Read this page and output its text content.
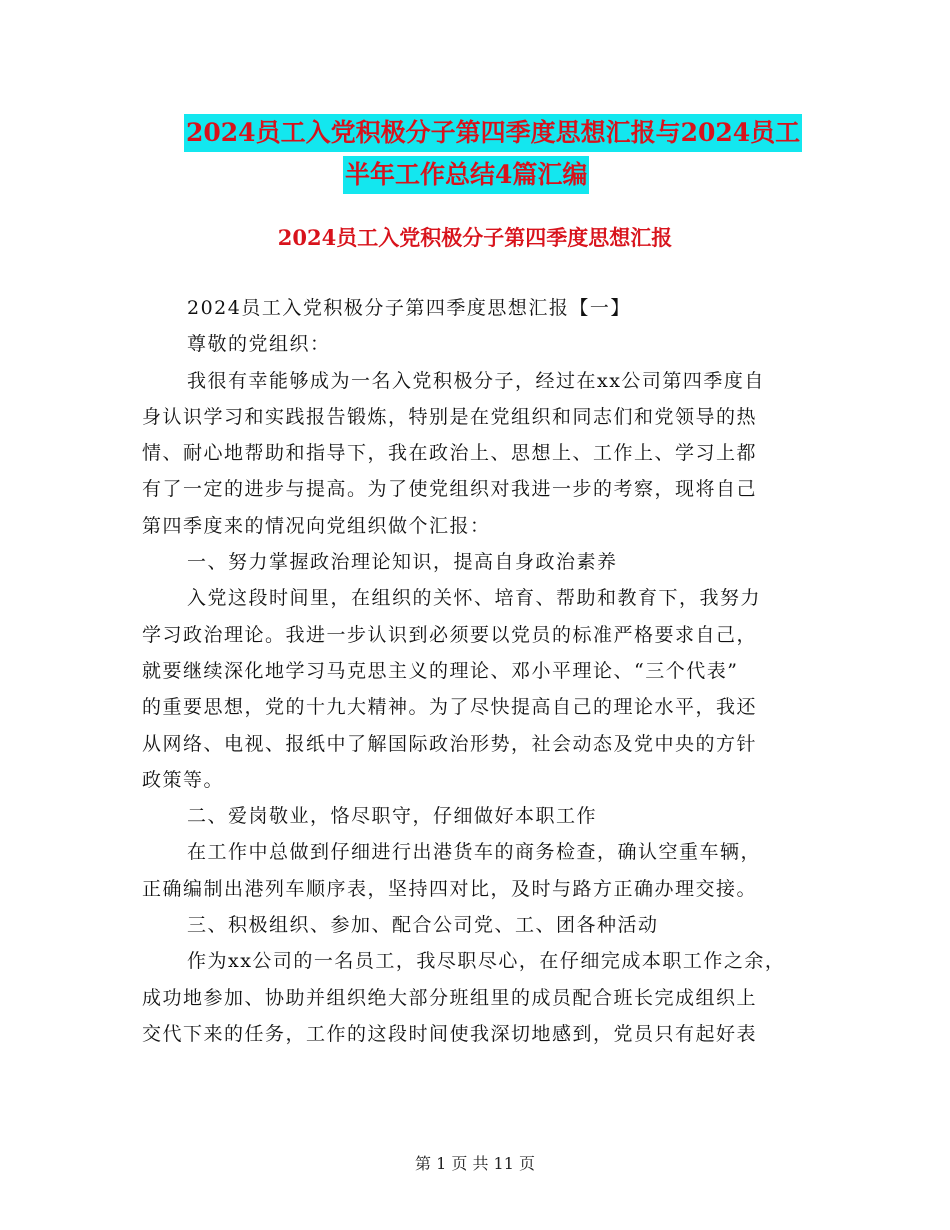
2024员工入党积极分子第四季度思想汇报与2024员工
半年工作总结4篇汇编
2024员工入党积极分子第四季度思想汇报
2024员工入党积极分子第四季度思想汇报【一】
尊敬的党组织：
我很有幸能够成为一名入党积极分子，经过在xx公司第四季度自
身认识学习和实践报告锻炼，特别是在党组织和同志们和党领导的热
情、耐心地帮助和指导下，我在政治上、思想上、工作上、学习上都
有了一定的进步与提高。为了使党组织对我进一步的考察，现将自己
第四季度来的情况向党组织做个汇报：
一、努力掌握政治理论知识，提高自身政治素养
入党这段时间里，在组织的关怀、培育、帮助和教育下，我努力
学习政治理论。我进一步认识到必须要以党员的标准严格要求自己，
就要继续深化地学习马克思主义的理论、邓小平理论、“三个代表”
的重要思想，党的十九大精神。为了尽快提高自己的理论水平，我还
从网络、电视、报纸中了解国际政治形势，社会动态及党中央的方针
政策等。
二、爱岗敬业，恪尽职守，仔细做好本职工作
在工作中总做到仔细进行出港货车的商务检查，确认空重车辆，
正确编制出港列车顺序表，坚持四对比，及时与路方正确办理交接。
三、积极组织、参加、配合公司党、工、团各种活动
作为xx公司的一名员工，我尽职尽心，在仔细完成本职工作之余，
成功地参加、协助并组织绝大部分班组里的成员配合班长完成组织上
交代下来的任务，工作的这段时间使我深切地感到，党员只有起好表
第 1 页 共 11 页
